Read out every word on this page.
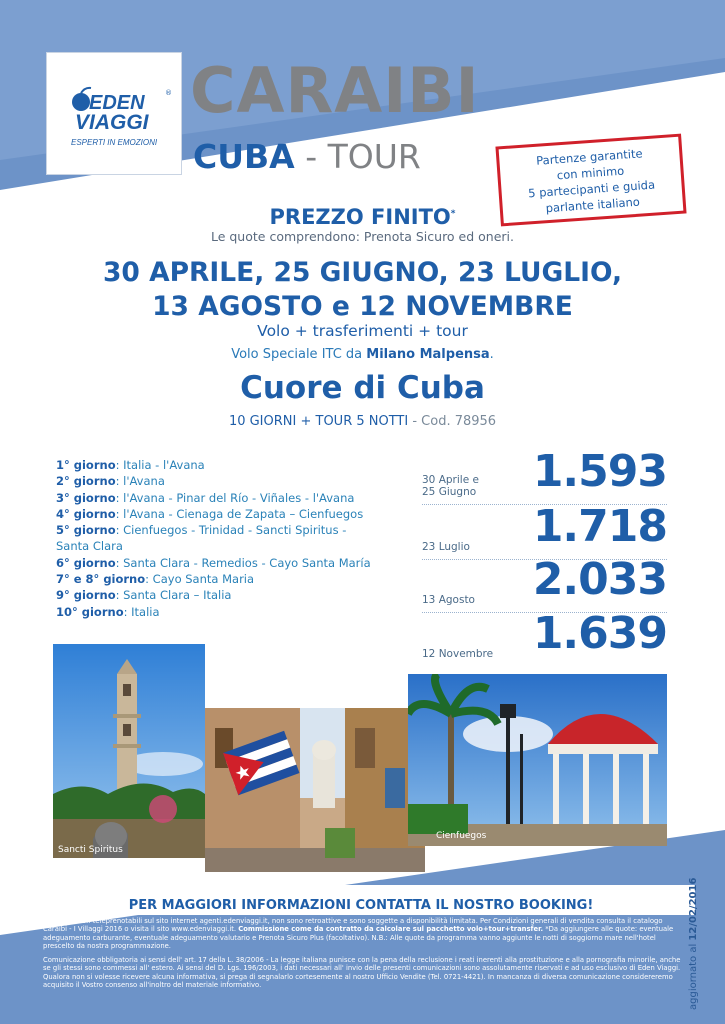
EDEN	®
VIAGGI
ESPERTI IN EMOZIONI
CARAIBI
CUBA - TOUR	Partenze garantite
con minimo
5 partecipanti e guida
parlante italiano
PREZZO FINITO*
Le quote comprendono: Prenota Sicuro ed oneri.
30 APRILE, 25 GIUGNO, 23 LUGLIO,
13 AGOSTO e 12 NOVEMBRE
Volo + trasferimenti + tour
Volo Speciale ITC da Milano Malpensa.
Cuore di Cuba
10 GIORNI + TOUR 5 NOTTI - Cod. 78956
1° giorno: Italia - l'Avana
2° giorno: l'Avana
3° giorno: l'Avana - Pinar del Río - Viñales - l'Avana
4° giorno: l'Avana - Cienaga de Zapata – Cienfuegos
5° giorno: Cienfuegos - Trinidad - Sancti Spiritus - Santa Clara
6° giorno: Santa Clara - Remedios - Cayo Santa María
7° e 8° giorno: Cayo Santa Maria
9° giorno: Santa Clara – Italia
10° giorno: Italia
30 Aprile e
25 Giugno 1.593
23 Luglio 1.718
13 Agosto 2.033
12 Novembre 1.639
Sancti Spiritus
Cienfuegos
PER MAGGIORI INFORMAZIONI CONTATTA IL NOSTRO BOOKING!
Le offerte non teleprenotabili sul sito internet agenti.edenviaggi.it, non sono retroattive e sono soggette a disponibilità limitata. Per Condizioni generali di vendita consulta il catalogo Caraibi - I Villaggi 2016 o visita il sito www.edenviaggi.it. Commissione come da contratto da calcolare sul pacchetto volo+tour+transfer. *Da aggiungere alle quote: eventuale adeguamento carburante, eventuale adeguamento valutario e Prenota Sicuro Plus (facoltativo). N.B.: Alle quote da programma vanno aggiunte le notti di soggiorno mare nell'hotel prescelto da nostra programmazione.
Comunicazione obbligatoria ai sensi dell' art. 17 della L. 38/2006 - La legge italiana punisce con la pena della reclusione i reati inerenti alla prostituzione e alla pornografia minorile, anche se gli stessi sono commessi all' estero. Ai sensi del D. Lgs. 196/2003, i dati necessari all' invio delle presenti comunicazioni sono assolutamente riservati e ad uso esclusivo di Eden Viaggi. Qualora non si volesse ricevere alcuna informativa, si prega di segnalarlo cortesemente al nostro Ufficio Vendite (Tel. 0721-4421). In mancanza di diversa comunicazione considereremo acquisito il Vostro consenso all'inoltro del materiale informativo.	aggiornato al 12/02/2016
